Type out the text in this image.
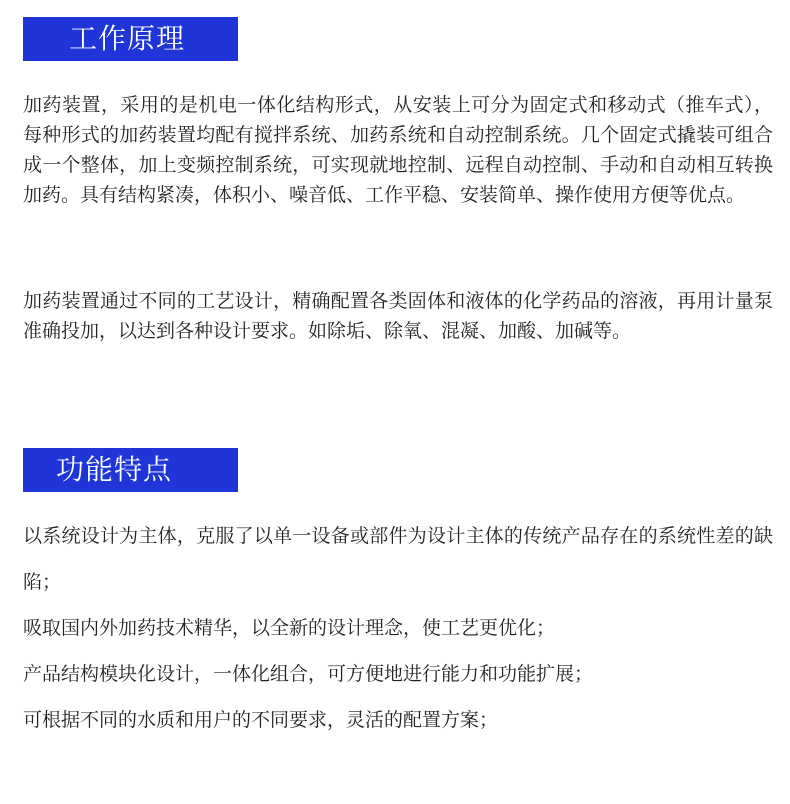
工作原理

加药装置，采用的是机电一体化结构形式，从安装上可分为固定式和移动式（推车式），每种形式的加药装置均配有搅拌系统、加药系统和自动控制系统。几个固定式撬装可组合成一个整体，加上变频控制系统，可实现就地控制、远程自动控制、手动和自动相互转换加药。具有结构紧凑，体积小、噪音低、工作平稳、安装简单、操作使用方便等优点。

加药装置通过不同的工艺设计，精确配置各类固体和液体的化学药品的溶液，再用计量泵准确投加，以达到各种设计要求。如除垢、除氧、混凝、加酸、加碱等。

功能特点

以系统设计为主体，克服了以单一设备或部件为设计主体的传统产品存在的系统性差的缺陷；

吸取国内外加药技术精华，以全新的设计理念，使工艺更优化；

产品结构模块化设计，一体化组合，可方便地进行能力和功能扩展；

可根据不同的水质和用户的不同要求，灵活的配置方案；
